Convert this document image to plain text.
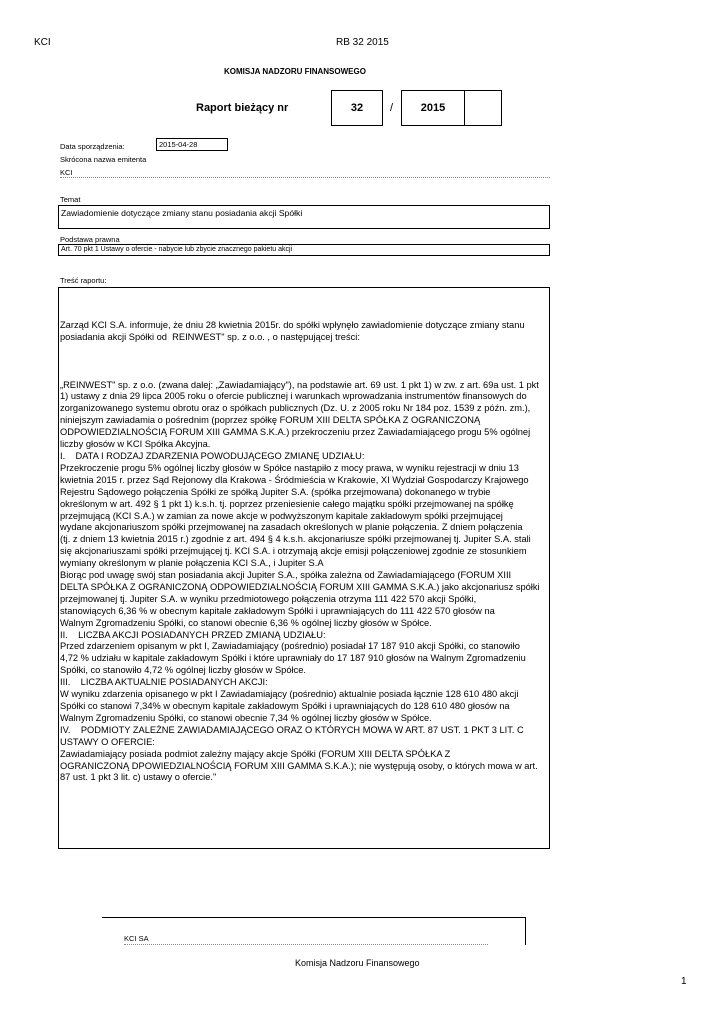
KCI	RB 32 2015
KOMISJA NADZORU FINANSOWEGO
Raport bieżący nr	32	/	2015
Data sporządzenia:	2015-04-28
Skrócona nazwa emitenta
KCI
Temat
Zawiadomienie dotyczące zmiany stanu posiadania akcji Spółki
Podstawa prawna
Art. 70 pkt 1 Ustawy o ofercie - nabycie lub zbycie znacznego pakietu akcji
Treść raportu:
Zarząd KCI S.A. informuje, że dniu 28 kwietnia 2015r. do spółki wpłynęło zawiadomienie dotyczące zmiany stanu
posiadania akcji Spółki od  REINWEST" sp. z o.o. , o następującej treści:

„REINWEST" sp. z o.o. (zwana dalej: „Zawiadamiający"), na podstawie art. 69 ust. 1 pkt 1) w zw. z art. 69a ust. 1 pkt
1) ustawy z dnia 29 lipca 2005 roku o ofercie publicznej i warunkach wprowadzania instrumentów finansowych do
zorganizowanego systemu obrotu oraz o spółkach publicznych (Dz. U. z 2005 roku Nr 184 poz. 1539 z późn. zm.),
niniejszym zawiadamia o pośrednim (poprzez spółkę FORUM XIII DELTA SPÓŁKA Z OGRANICZONĄ
ODPOWIEDZIALNOŚCIĄ FORUM XIII GAMMA S.K.A.) przekroczeniu przez Zawiadamiającego progu 5% ogólnej
liczby głosów w KCI Spółka Akcyjna.
I.    DATA I RODZAJ ZDARZENIA POWODUJĄCEGO ZMIANĘ UDZIAŁU:
Przekroczenie progu 5% ogólnej liczby głosów w Spółce nastąpiło z mocy prawa, w wyniku rejestracji w dniu 13
kwietnia 2015 r. przez Sąd Rejonowy dla Krakowa - Śródmieścia w Krakowie, XI Wydział Gospodarczy Krajowego
Rejestru Sądowego połączenia Spółki ze spółką Jupiter S.A. (spółka przejmowana) dokonanego w trybie
określonym w art. 492 § 1 pkt 1) k.s.h. tj. poprzez przeniesienie całego majątku spółki przejmowanej na spółkę
przejmującą (KCI S.A.) w zamian za nowe akcje w podwyższonym kapitale zakładowym spółki przejmującej
wydane akcjonariuszom spółki przejmowanej na zasadach określonych w planie połączenia. Z dniem połączenia
(tj. z dniem 13 kwietnia 2015 r.) zgodnie z art. 494 § 4 k.s.h. akcjonariusze spółki przejmowanej tj. Jupiter S.A. stali
się akcjonariuszami spółki przejmującej tj. KCI S.A. i otrzymają akcje emisji połączeniowej zgodnie ze stosunkiem
wymiany określonym w planie połączenia KCI S.A., i Jupiter S.A
Biorąc pod uwagę swój stan posiadania akcji Jupiter S.A., spółka zależna od Zawiadamiającego (FORUM XIII
DELTA SPÓŁKA Z OGRANICZONĄ ODPOWIEDZIALNOŚCIĄ FORUM XIII GAMMA S.K.A.) jako akcjonariusz spółki
przejmowanej tj. Jupiter S.A. w wyniku przedmiotowego połączenia otrzyma 111 422 570 akcji Spółki,
stanowiących 6,36 % w obecnym kapitale zakładowym Spółki i uprawniających do 111 422 570 głosów na
Walnym Zgromadzeniu Spółki, co stanowi obecnie 6,36 % ogólnej liczby głosów w Spółce.
II.    LICZBA AKCJI POSIADANYCH PRZED ZMIANĄ UDZIAŁU:
Przed zdarzeniem opisanym w pkt I, Zawiadamiający (pośrednio) posiadał 17 187 910 akcji Spółki, co stanowiło
4,72 % udziału w kapitale zakładowym Spółki i które uprawniały do 17 187 910 głosów na Walnym Zgromadzeniu
Spółki, co stanowiło 4,72 % ogólnej liczby głosów w Spółce.
III.    LICZBA AKTUALNIE POSIADANYCH AKCJI:
W wyniku zdarzenia opisanego w pkt I Zawiadamiający (pośrednio) aktualnie posiada łącznie 128 610 480 akcji
Spółki co stanowi 7,34% w obecnym kapitale zakładowym Spółki i uprawniających do 128 610 480 głosów na
Walnym Zgromadzeniu Spółki, co stanowi obecnie 7,34 % ogólnej liczby głosów w Spółce.
IV.    PODMIOTY ZALEŻNE ZAWIADAMIAJĄCEGO ORAZ O KTÓRYCH MOWA W ART. 87 UST. 1 PKT 3 LIT. C
USTAWY O OFERCIE:
Zawiadamiający posiada podmiot zależny mający akcje Spółki (FORUM XIII DELTA SPÓŁKA Z
OGRANICZONĄ DPOWIEDZIALNOŚCIĄ FORUM XIII GAMMA S.K.A.); nie występują osoby, o których mowa w art.
87 ust. 1 pkt 3 lit. c) ustawy o ofercie."
KCI SA
Komisja Nadzoru Finansowego
1
